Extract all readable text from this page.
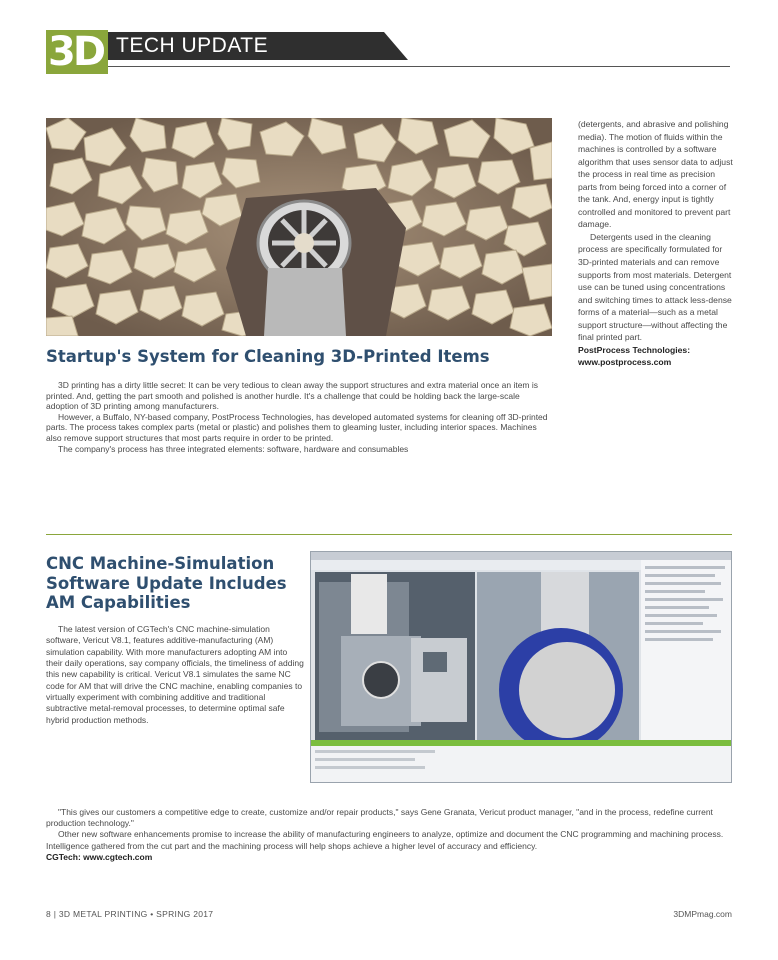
3D TECH UPDATE

(detergents, and abrasive and polishing media). The motion of fluids within the machines is controlled by a software algorithm that uses sensor data to adjust the process in real time as precision parts from being forced into a corner of the tank. And, energy input is tightly controlled and monitored to prevent part damage.

Detergents used in the cleaning process are specifically formulated for 3D-printed materials and can remove supports from most materials. Detergent use can be tuned using concentrations and switching times to attack less-dense forms of a material—such as a metal support structure—without affecting the final printed part.

PostProcess Technologies:

www.postprocess.com

Startup's System for Cleaning 3D-Printed Items

3D printing has a dirty little secret: It can be very tedious to clean away the support structures and extra material once an item is printed. And, getting the part smooth and polished is another hurdle. It's a challenge that could be holding back the large-scale adoption of 3D printing among manufacturers.

However, a Buffalo, NY-based company, PostProcess Technologies, has developed automated systems for cleaning off 3D-printed parts. The process takes complex parts (metal or plastic) and polishes them to gleaming luster, including interior spaces. Machines also remove support structures that most parts require in order to be printed.

The company's process has three integrated elements: software, hardware and consumables

CNC Machine-Simulation
Software Update Includes
AM Capabilities

The latest version of CGTech's CNC machine-simulation software, Vericut V8.1, features additive-manufacturing (AM) simulation capability. With more manufacturers adopting AM into their daily operations, say company officials, the timeliness of adding this new capability is critical. Vericut V8.1 simulates the same NC code for AM that will drive the CNC machine, enabling companies to virtually experiment with combining additive and traditional subtractive metal-removal processes, to determine optimal safe hybrid production methods.

"This gives our customers a competitive edge to create, customize and/or repair products," says Gene Granata, Vericut product manager, "and in the process, redefine current production technology."

Other new software enhancements promise to increase the ability of manufacturing engineers to analyze, optimize and document the CNC programming and machining process. Intelligence gathered from the cut part and the machining process will help shops achieve a higher level of accuracy and efficiency.

CGTech: www.cgtech.com

8 | 3D METAL PRINTING • SPRING 2017	3DMPmag.com
